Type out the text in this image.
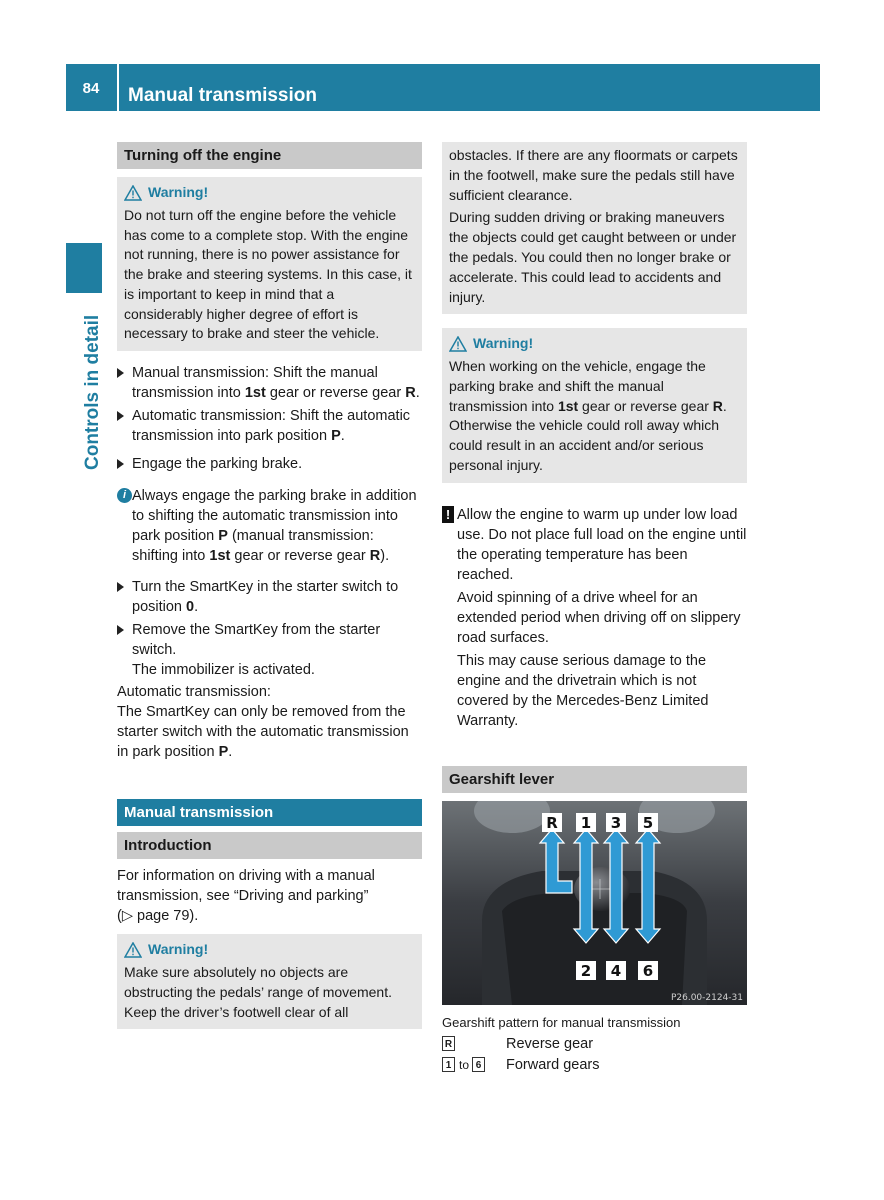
84	Manual transmission
Controls in detail
Turning off the engine
Warning!

Do not turn off the engine before the vehicle has come to a complete stop. With the engine not running, there is no power assistance for the brake and steering systems. In this case, it is important to keep in mind that a considerably higher degree of effort is necessary to brake and steer the vehicle.

Manual transmission: Shift the manual transmission into 1st gear or reverse gear R.
Automatic transmission: Shift the automatic transmission into park position P.
Engage the parking brake.
i Always engage the parking brake in addition to shifting the automatic transmission into park position P (manual transmission: shifting into 1st gear or reverse gear R).
Turn the SmartKey in the starter switch to position 0.
Remove the SmartKey from the starter switch.
The immobilizer is activated.
Automatic transmission:
The SmartKey can only be removed from the starter switch with the automatic transmission in park position P.
Manual transmission
Introduction
For information on driving with a manual transmission, see “Driving and parking”
(▷ page 79).
Warning!

Make sure absolutely no objects are obstructing the pedals’ range of movement. Keep the driver’s footwell clear of all

obstacles. If there are any floormats or carpets in the footwell, make sure the pedals still have sufficient clearance.

During sudden driving or braking maneuvers the objects could get caught between or under the pedals. You could then no longer brake or accelerate. This could lead to accidents and injury.

Warning!

When working on the vehicle, engage the parking brake and shift the manual transmission into 1st gear or reverse gear R. Otherwise the vehicle could roll away which could result in an accident and/or serious personal injury.

! Allow the engine to warm up under low load use. Do not place full load on the engine until the operating temperature has been reached.
Avoid spinning of a drive wheel for an extended period when driving off on slippery road surfaces.
This may cause serious damage to the engine and the drivetrain which is not covered by the Mercedes-Benz Limited Warranty.
Gearshift lever
R 1 3 5
2 4 6
P26.00-2124-31
Gearshift pattern for manual transmission
R	Reverse gear
1 to 6 Forward gears
